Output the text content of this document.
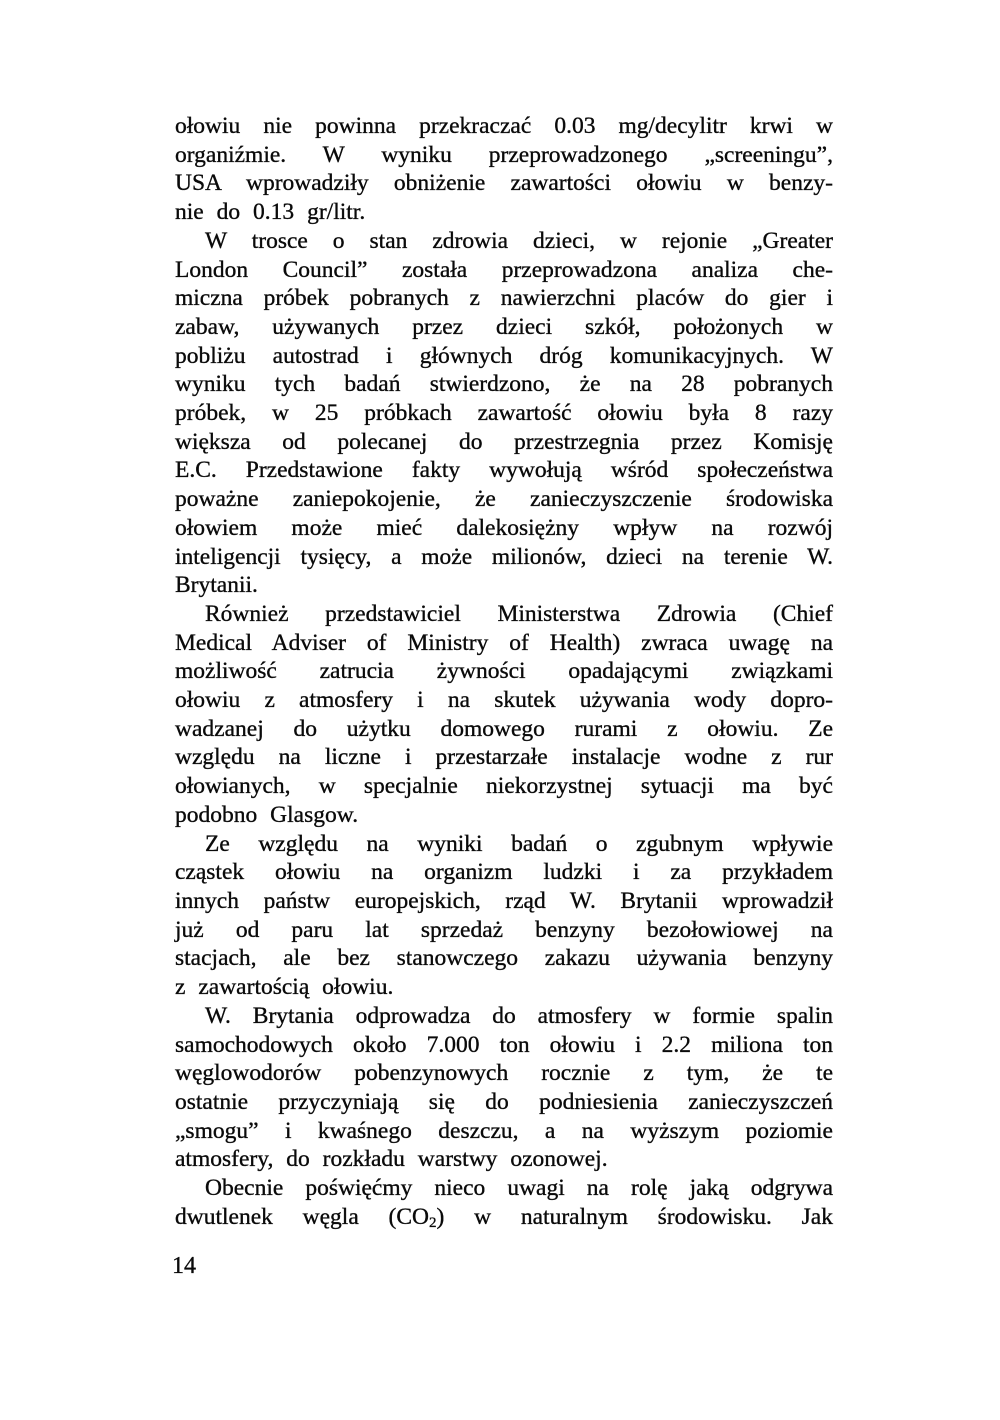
ołowiu nie powinna przekraczać 0.03 mg/decylitr krwi w
organiźmie. W wyniku przeprowadzonego „screeningu”,
USA wprowadziły obniżenie zawartości ołowiu w benzy-
nie do 0.13 gr/litr.
W trosce o stan zdrowia dzieci, w rejonie „Greater
London Council” została przeprowadzona analiza che-
miczna próbek pobranych z nawierzchni placów do gier i
zabaw, używanych przez dzieci szkół, położonych w
pobliżu autostrad i głównych dróg komunikacyjnych. W
wyniku tych badań stwierdzono, że na 28 pobranych
próbek, w 25 próbkach zawartość ołowiu była 8 razy
większa od polecanej do przestrzegnia przez Komisję
E.C. Przedstawione fakty wywołują wśród społeczeństwa
poważne zaniepokojenie, że zanieczyszczenie środowiska
ołowiem może mieć dalekosiężny wpływ na rozwój
inteligencji tysięcy, a może milionów, dzieci na terenie W.
Brytanii.
Również przedstawiciel Ministerstwa Zdrowia (Chief
Medical Adviser of Ministry of Health) zwraca uwagę na
możliwość zatrucia żywności opadającymi związkami
ołowiu z atmosfery i na skutek używania wody dopro-
wadzanej do użytku domowego rurami z ołowiu. Ze
względu na liczne i przestarzałe instalacje wodne z rur
ołowianych, w specjalnie niekorzystnej sytuacji ma być
podobno Glasgow.
Ze względu na wyniki badań o zgubnym wpływie
cząstek ołowiu na organizm ludzki i za przykładem
innych państw europejskich, rząd W. Brytanii wprowadził
już od paru lat sprzedaż benzyny bezołowiowej na
stacjach, ale bez stanowczego zakazu używania benzyny
z zawartością ołowiu.
W. Brytania odprowadza do atmosfery w formie spalin
samochodowych około 7.000 ton ołowiu i 2.2 miliona ton
węglowodorów pobenzynowych rocznie z tym, że te
ostatnie przyczyniają się do podniesienia zanieczyszczeń
„smogu” i kwaśnego deszczu, a na wyższym poziomie
atmosfery, do rozkładu warstwy ozonowej.
Obecnie poświęćmy nieco uwagi na rolę jaką odgrywa
dwutlenek węgla $(CO_2)$ w naturalnym środowisku. Jak
14
